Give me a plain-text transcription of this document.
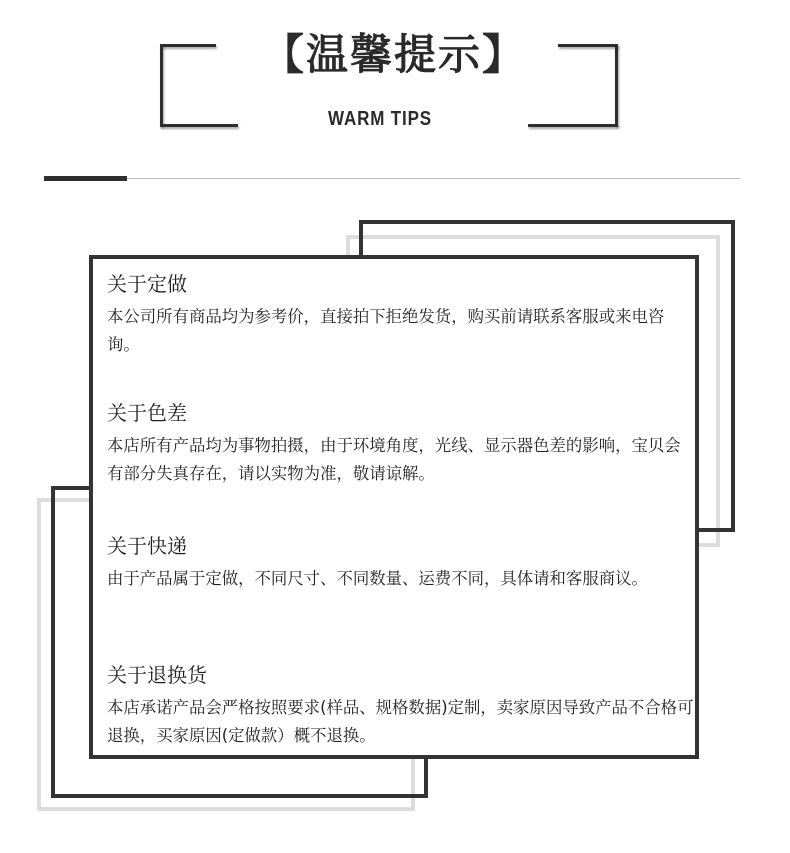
【温馨提示】
WARM TIPS
关于定做

本公司所有商品均为参考价，直接拍下拒绝发货，购买前请联系客服或来电咨询。

关于色差

本店所有产品均为事物拍摄，由于环境角度，光线、显示器色差的影响，宝贝会有部分失真存在，请以实物为准，敬请谅解。

关于快递

由于产品属于定做，不同尺寸、不同数量、运费不同，具体请和客服商议。

关于退换货

本店承诺产品会严格按照要求(样品、规格数据)定制，卖家原因导致产品不合格可退换，买家原因(定做款）概不退换。
